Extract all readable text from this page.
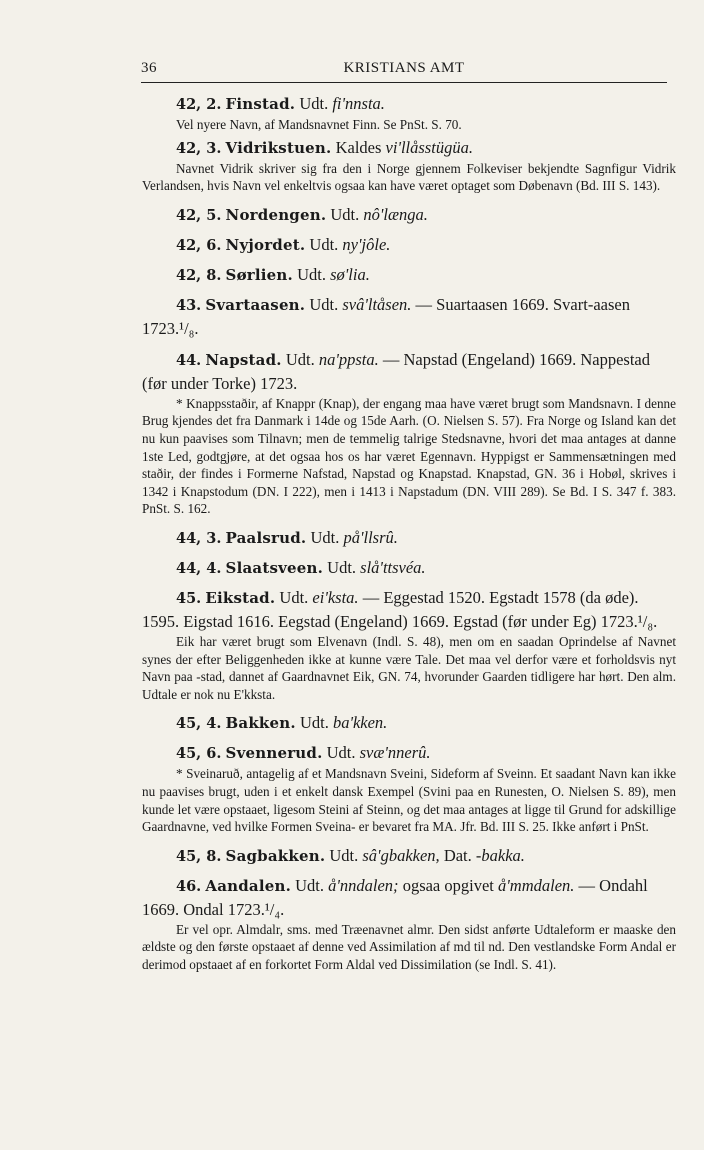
36	KRISTIANS AMT

42, 2. Finstad. Udt. fi'nnsta.

Vel nyere Navn, af Mandsnavnet Finn. Se PnSt. S. 70.

42, 3. Vidrikstuen. Kaldes vi'llåsstügüa.

Navnet Vidrik skriver sig fra den i Norge gjennem Folkeviser bekjendte Sagnfigur Vidrik Verlandsen, hvis Navn vel enkeltvis ogsaa kan have været optaget som Døbenavn (Bd. III S. 143).

42, 5. Nordengen. Udt. nô'længa.

42, 6. Nyjordet. Udt. ny'jôle.

42, 8. Sørlien. Udt. sø'lia.

43. Svartaasen. Udt. svâ'ltåsen. — Suartaasen 1669. Svart-aasen 1723.¹/₈.

44. Napstad. Udt. na'ppsta. — Napstad (Engeland) 1669. Nappestad (før under Torke) 1723.

* Knappsstaðir, af Knappr (Knap), der engang maa have været brugt som Mandsnavn. I denne Brug kjendes det fra Danmark i 14de og 15de Aarh. (O. Nielsen S. 57). Fra Norge og Island kan det nu kun paavises som Tilnavn; men de temmelig talrige Stedsnavne, hvori det maa antages at danne 1ste Led, godtgjøre, at det ogsaa hos os har været Egennavn. Hyppigst er Sammensætningen med staðir, der findes i Formerne Nafstad, Napstad og Knapstad. Knapstad, GN. 36 i Hobøl, skrives i 1342 i Knapstodum (DN. I 222), men i 1413 i Napstadum (DN. VIII 289). Se Bd. I S. 347 f. 383. PnSt. S. 162.

44, 3. Paalsrud. Udt. på'llsrû.

44, 4. Slaatsveen. Udt. slå'ttsvéa.

45. Eikstad. Udt. ei'ksta. — Eggestad 1520. Egstadt 1578 (da øde). 1595. Eigstad 1616. Eegstad (Engeland) 1669. Egstad (før under Eg) 1723.¹/₈.

Eik har været brugt som Elvenavn (Indl. S. 48), men om en saadan Oprindelse af Navnet synes der efter Beliggenheden ikke at kunne være Tale. Det maa vel derfor være et forholdsvis nyt Navn paa -stad, dannet af Gaardnavnet Eik, GN. 74, hvorunder Gaarden tidligere har hørt. Den alm. Udtale er nok nu E'kksta.

45, 4. Bakken. Udt. ba'kken.

45, 6. Svennerud. Udt. svæ'nnerû.

* Sveinaruð, antagelig af et Mandsnavn Sveini, Sideform af Sveinn. Et saadant Navn kan ikke nu paavises brugt, uden i et enkelt dansk Exempel (Svini paa en Runesten, O. Nielsen S. 89), men kunde let være opstaaet, ligesom Steini af Steinn, og det maa antages at ligge til Grund for adskillige Gaardnavne, ved hvilke Formen Sveina- er bevaret fra MA. Jfr. Bd. III S. 25. Ikke anført i PnSt.

45, 8. Sagbakken. Udt. sâ'gbakken, Dat. -bakka.

46. Aandalen. Udt. å'nndalen; ogsaa opgivet å'mmdalen. — Ondahl 1669. Ondal 1723.¹/₄.

Er vel opr. Almdalr, sms. med Træenavnet almr. Den sidst anførte Udtaleform er maaske den ældste og den første opstaaet af denne ved Assimilation af md til nd. Den vestlandske Form Andal er derimod opstaaet af en forkortet Form Aldal ved Dissimilation (se Indl. S. 41).
